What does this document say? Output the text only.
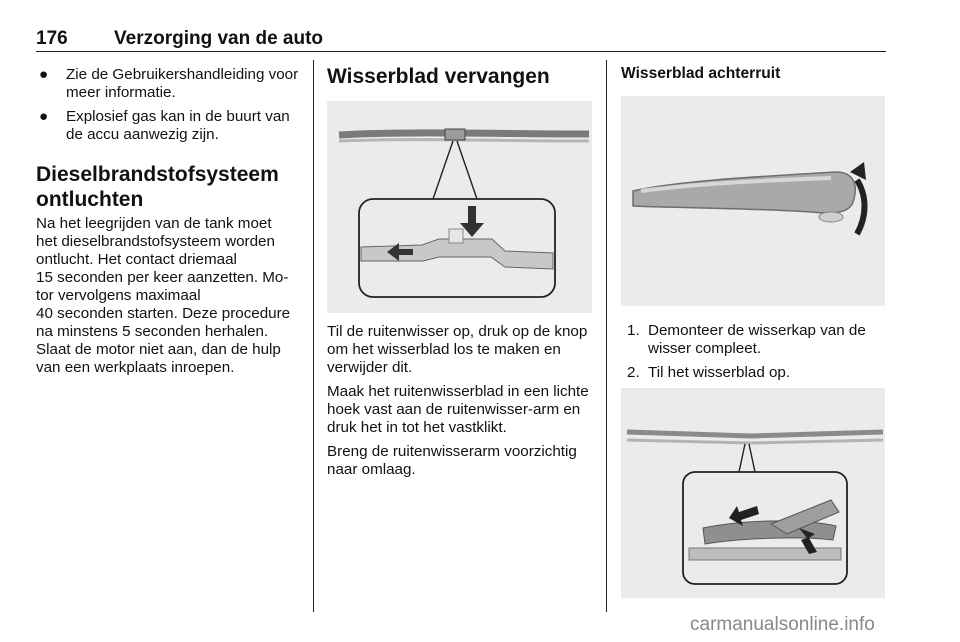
176 Verzorging van de auto
● Zie de Gebruikershandleiding voor meer informatie.
● Explosief gas kan in de buurt van de accu aanwezig zijn.
Dieselbrandstofsysteem
ontluchten
Na het leegrijden van de tank moet
het dieselbrandstofsysteem worden
ontlucht. Het contact driemaal
15 seconden per keer aanzetten. Mo-
tor vervolgens maximaal
40 seconden starten. Deze procedure
na minstens 5 seconden herhalen.
Slaat de motor niet aan, dan de hulp
van een werkplaats inroepen.
Wisserblad vervangen

Til de ruitenwisser op, druk op de knop om het wisserblad los te maken en verwijder dit.

Maak het ruitenwisserblad in een lichte hoek vast aan de ruitenwisser-arm en druk het in tot het vastklikt.

Breng de ruitenwisserarm voorzichtig naar omlaag.

Wisserblad achterruit
1. Demonteer de wisserkap van de wisser compleet.
2. Til het wisserblad op.
carmanualsonline.info
